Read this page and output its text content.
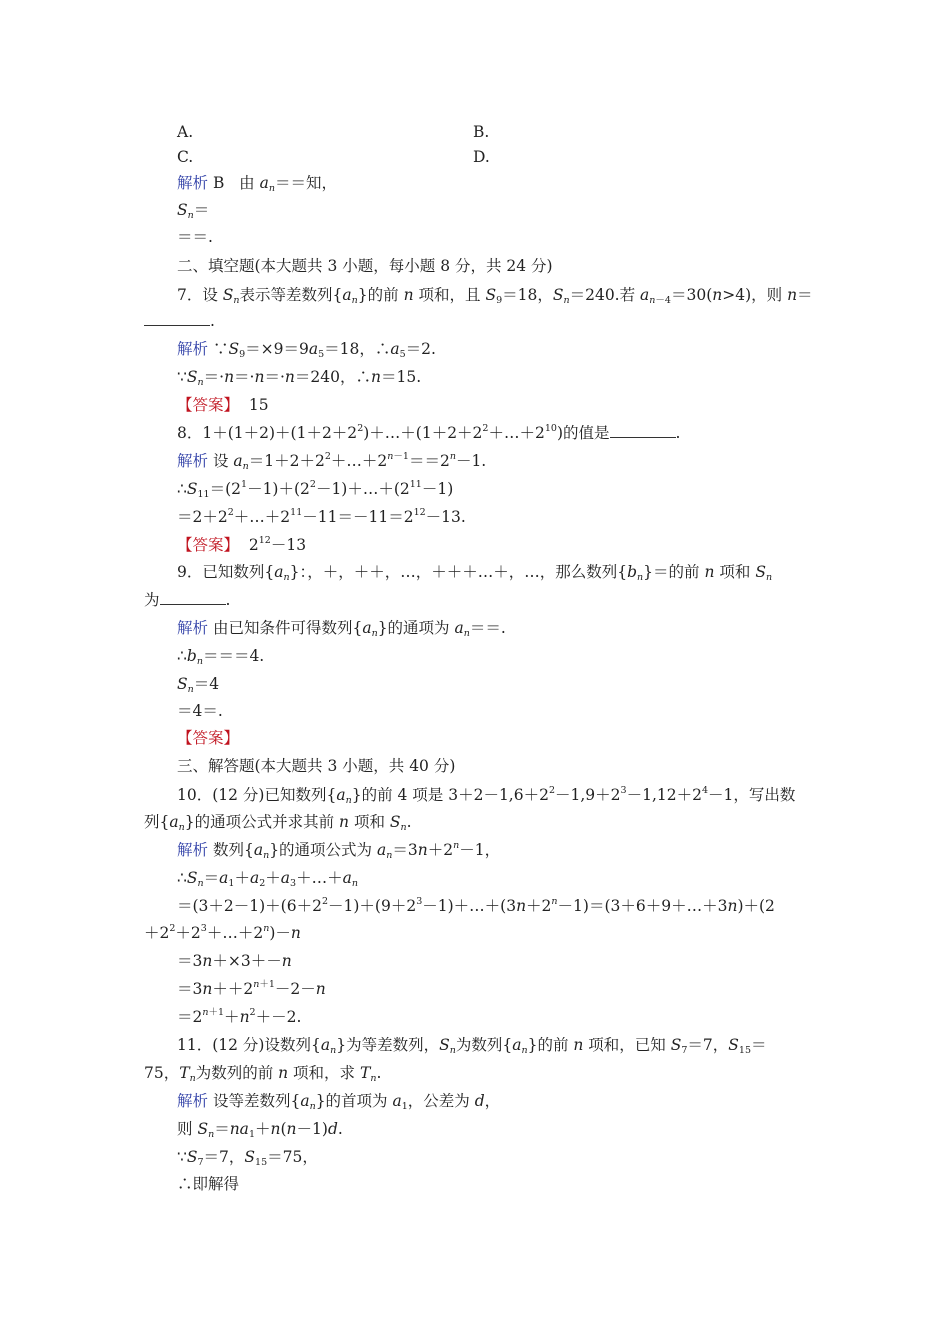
A.	B.
C.	D.
解析 B   由 $a_n==$知，
$S_n=$
＝＝.
二、填空题(本大题共 3 小题，每小题 8 分，共 24 分)
7．设 $S_n$表示等差数列$\{a_n\}$的前 n 项和，且 $S_9=18$，$S_n=240$.若 $a_{n-4}=30(n>4)$，则 n＝
.
解析 $\because S_9=\times 9=9a_5=18$，$\therefore a_5=2$.
$\because S_n=\cdot n=\cdot n=\cdot n=240$，∴n＝15.
【答案】 15
8．$1+(1+2)+(1+2+2^2)+\dots+(1+2+2^2+\dots+2^{10})$的值是	.
解析 设 $a_n=1+2+2^2+\dots+2^{n-1}==2^n-1$.
$\therefore S_{11}=(2^1-1)+(2^2-1)+\dots+(2^{11}-1)$
$=2+2^2+\dots+2^{11}-11=-11=2^{12}-13$.
【答案】  $2^{12}-13$
9．已知数列$\{a_n\}$：，＋，＋＋，…，＋＋＋…＋，…，那么数列$\{b_n\}=$的前 n 项和 $S_n$
为	.
解析 由已知条件可得数列$\{a_n\}$的通项为 $a_n==$.
$\therefore b_n===4$.
$S_n=4$
＝4＝.
【答案】
三、解答题(本大题共 3 小题，共 40 分)
10．(12 分)已知数列$\{a_n\}$的前 4 项是 $3+2-1,6+2^2-1,9+2^3-1,12+2^4-1$，写出数
列$\{a_n\}$的通项公式并求其前 n 项和 $S_n$.
解析 数列$\{a_n\}$的通项公式为 $a_n=3n+2^n-1$，
$\therefore S_n=a_1+a_2+a_3+\dots+a_n$
$=(3+2-1)+(6+2^2-1)+(9+2^3-1)+\dots+(3n+2^n-1)=(3+6+9+\dots+3n)+(2$
$+2^2+2^3+\dots+2^n)-n$
＝3n＋×3＋－n
$=3n++2^{n+1}-2-n$
$=2^{n+1}+n^2+-2$.
11．(12 分)设数列$\{a_n\}$为等差数列，$S_n$为数列$\{a_n\}$的前 n 项和，已知 $S_7=7$，$S_{15}=$
75，$T_n$为数列的前 n 项和，求 $T_n$.
解析 设等差数列$\{a_n\}$的首项为 $a_1$，公差为 d，
则 $S_n=na_1+n(n-1)d$.
$\because S_7=7$，$S_{15}=75$，
∴即解得
